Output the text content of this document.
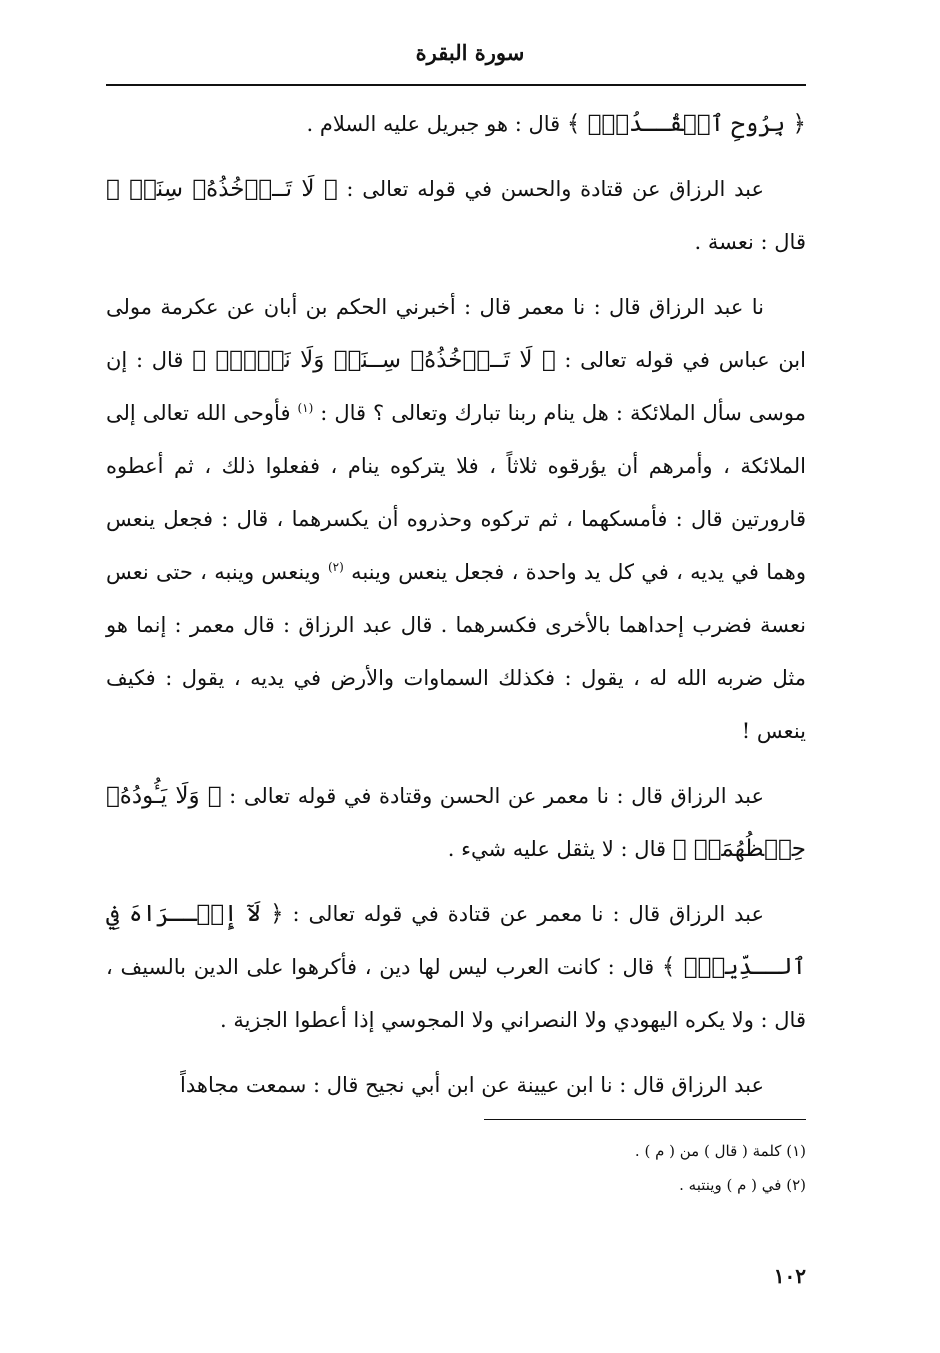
سورة البقرة

﴿ بِرُوحِ ٱلۡقُــدُسِۗ ﴾ قال : هو جبريل عليه السلام .

عبد الرزاق عن قتادة والحسن في قوله تعالى : ﴿ لَا تَــأۡخُذُهُۥ سِنَةٞ ﴾ قال : نعسة .

نا عبد الرزاق قال : نا معمر قال : أخبرني الحكم بن أبان عن عكرمة مولى ابن عباس في قوله تعالى : ﴿ لَا تَــأۡخُذُهُۥ سِــنَةٞ وَلَا نَوۡمٞۚ ﴾ قال : إن موسى سأل الملائكة : هل ينام ربنا تبارك وتعالى ؟ قال : $^{(١)}$ فأوحى الله تعالى إلى الملائكة ، وأمرهم أن يؤرقوه ثلاثاً ، فلا يتركوه ينام ، ففعلوا ذلك ، ثم أعطوه قارورتين قال : فأمسكهما ، ثم تركوه وحذروه أن يكسرهما ، قال : فجعل ينعس وهما في يديه ، في كل يد واحدة ، فجعل ينعس وينبه $^{(٢)}$ وينعس وينبه ، حتى نعس نعسة فضرب إحداهما بالأخرى فكسرهما . قال عبد الرزاق : قال معمر : إنما هو مثل ضربه الله له ، يقول : فكذلك السماوات والأرض في يديه ، يقول : فكيف ينعس !

عبد الرزاق قال : نا معمر عن الحسن وقتادة في قوله تعالى : ﴿ وَلَا يَـُٔودُهُۥ حِفۡظُهُمَاۚ ﴾ قال : لا يثقل عليه شيء .

عبد الرزاق قال : نا معمر عن قتادة في قوله تعالى : ﴿ لَآ إِكۡــرَاهَ فِي ٱلــدِّينِۖ ﴾ قال : كانت العرب ليس لها دين ، فأكرهوا على الدين بالسيف ، قال : ولا يكره اليهودي ولا النصراني ولا المجوسي إذا أعطوا الجزية .

عبد الرزاق قال : نا ابن عيينة عن ابن أبي نجيح قال : سمعت مجاهداً

(١) كلمة ( قال ) من ( م ) .

(٢) في ( م ) وينتبه .

١٠٢
